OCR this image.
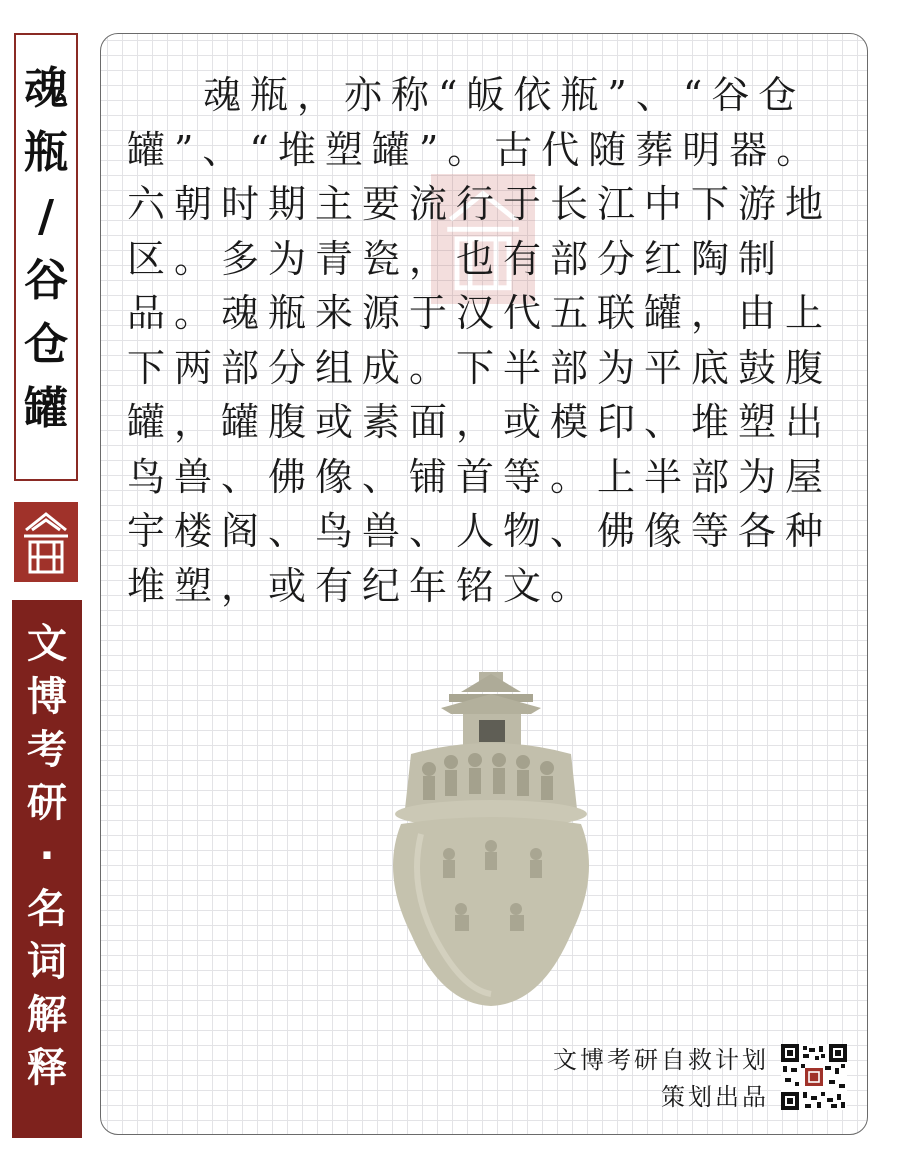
魂
瓶
/
谷
仓
罐
文
博
考
研
·
名
词
解
释

魂瓶，亦称“皈依瓶”、“谷仓罐”、“堆塑罐”。古代随葬明器。六朝时期主要流行于长江中下游地区。多为青瓷，也有部分红陶制品。魂瓶来源于汉代五联罐，由上下两部分组成。下半部为平底鼓腹罐，罐腹或素面，或模印、堆塑出鸟兽、佛像、铺首等。上半部为屋宇楼阁、鸟兽、人物、佛像等各种堆塑，或有纪年铭文。

文博考研自救计划
策划出品
